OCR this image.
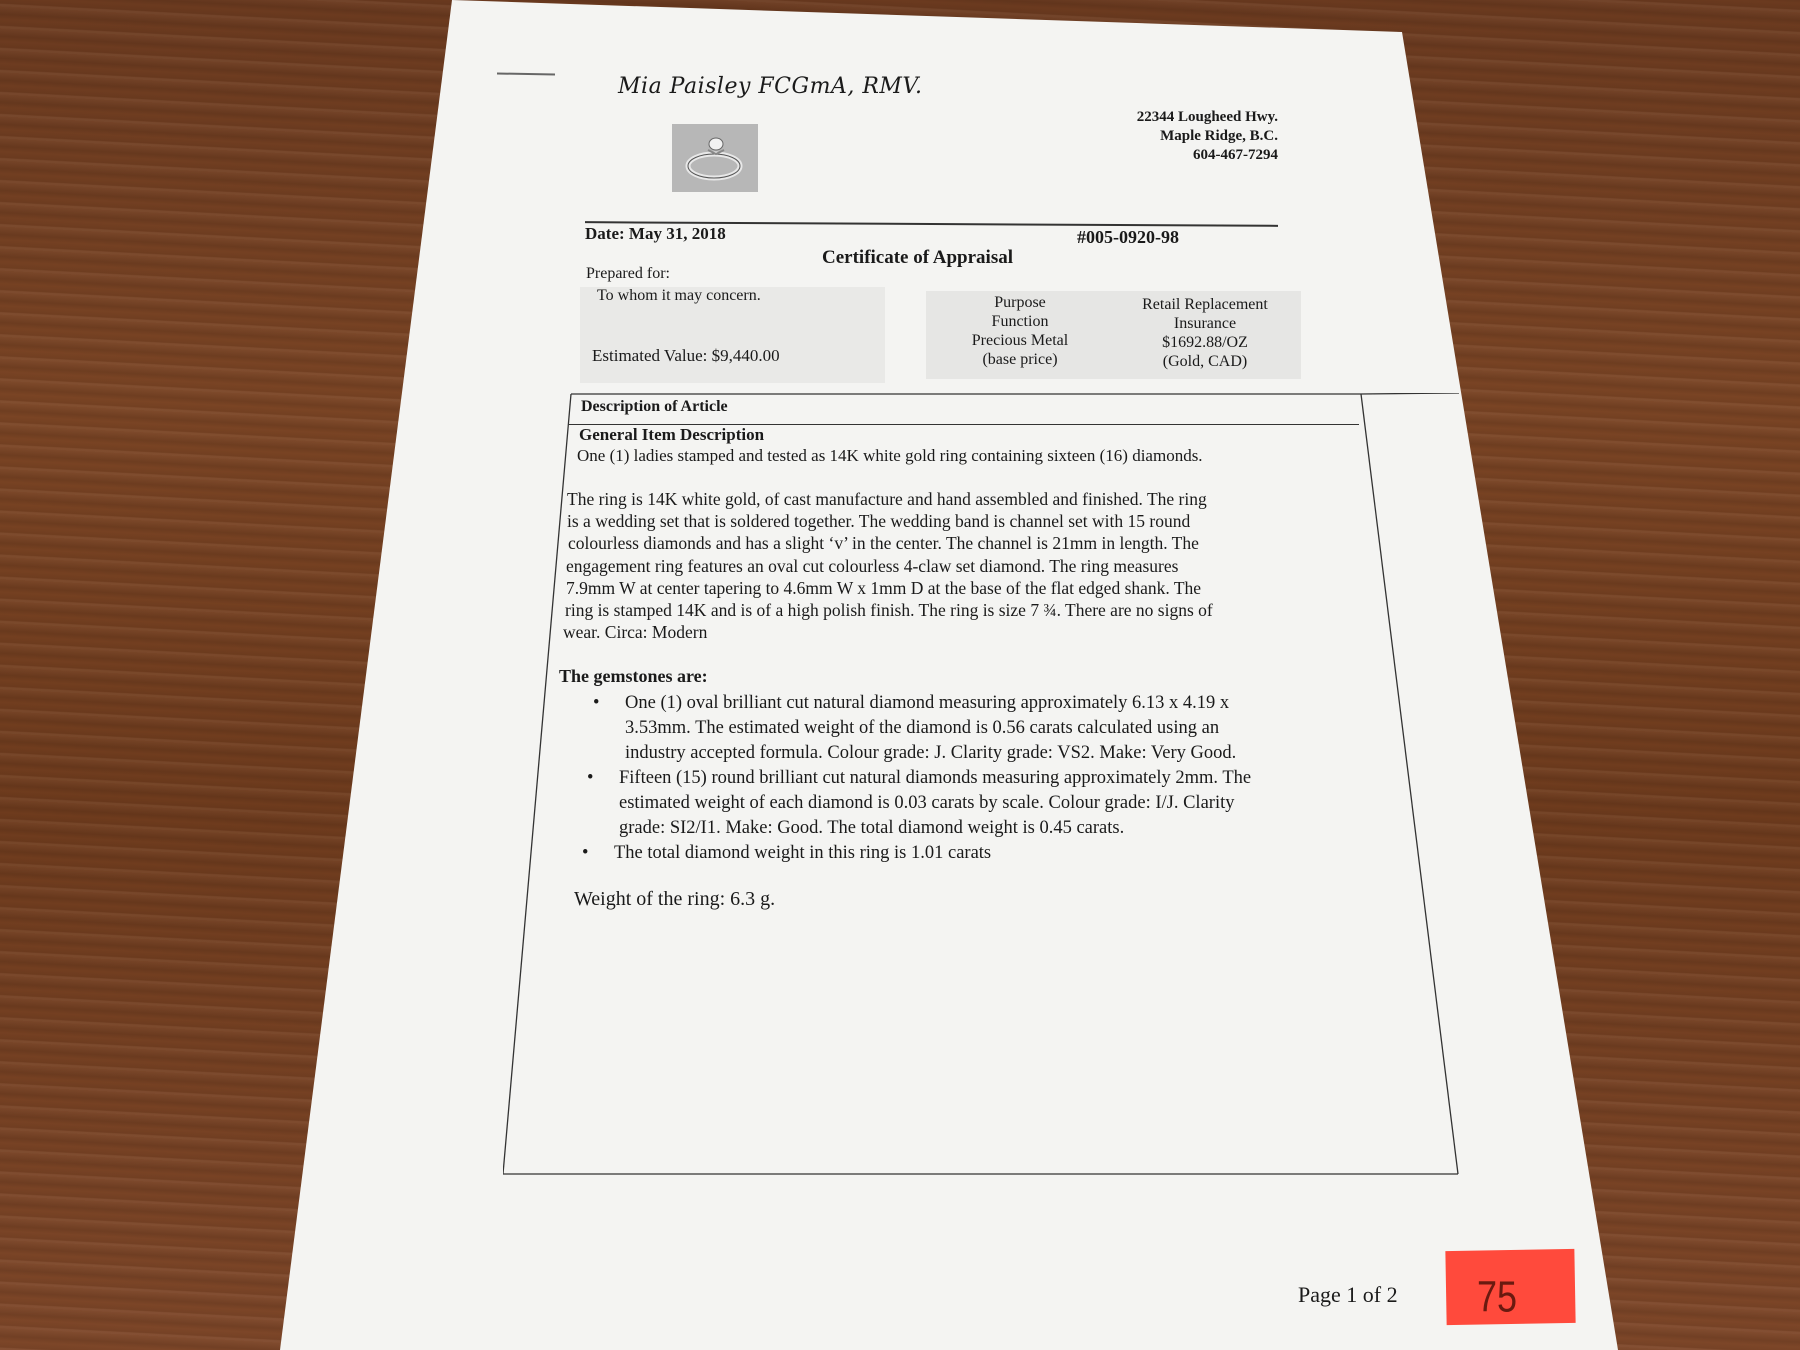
Mia Paisley FCGmA, RMV.
22344 Lougheed Hwy.
Maple Ridge, B.C.
604-467-7294
Date: May 31, 2018	#005-0920-98
Certificate of Appraisal
Prepared for:
To whom it may concern.
Estimated Value: $9,440.00
Purpose
Function
Precious Metal
(base price)
Retail Replacement
Insurance
$1692.88/OZ
(Gold, CAD)
Description of Article
General Item Description
One (1) ladies stamped and tested as 14K white gold ring containing sixteen (16) diamonds.
The ring is 14K white gold, of cast manufacture and hand assembled and finished. The ring
is a wedding set that is soldered together. The wedding band is channel set with 15 round
colourless diamonds and has a slight ‘v’ in the center. The channel is 21mm in length. The
engagement ring features an oval cut colourless 4-claw set diamond. The ring measures
7.9mm W at center tapering to 4.6mm W x 1mm D at the base of the flat edged shank. The
ring is stamped 14K and is of a high polish finish. The ring is size 7 ¾. There are no signs of
wear. Circa: Modern
The gemstones are:
• One (1) oval brilliant cut natural diamond measuring approximately 6.13 x 4.19 x
3.53mm. The estimated weight of the diamond is 0.56 carats calculated using an
industry accepted formula. Colour grade: J. Clarity grade: VS2. Make: Very Good.
• Fifteen (15) round brilliant cut natural diamonds measuring approximately 2mm. The
estimated weight of each diamond is 0.03 carats by scale. Colour grade: I/J. Clarity
grade: SI2/I1. Make: Good. The total diamond weight is 0.45 carats.
• The total diamond weight in this ring is 1.01 carats
Weight of the ring: 6.3 g.
Page 1 of 2 75
